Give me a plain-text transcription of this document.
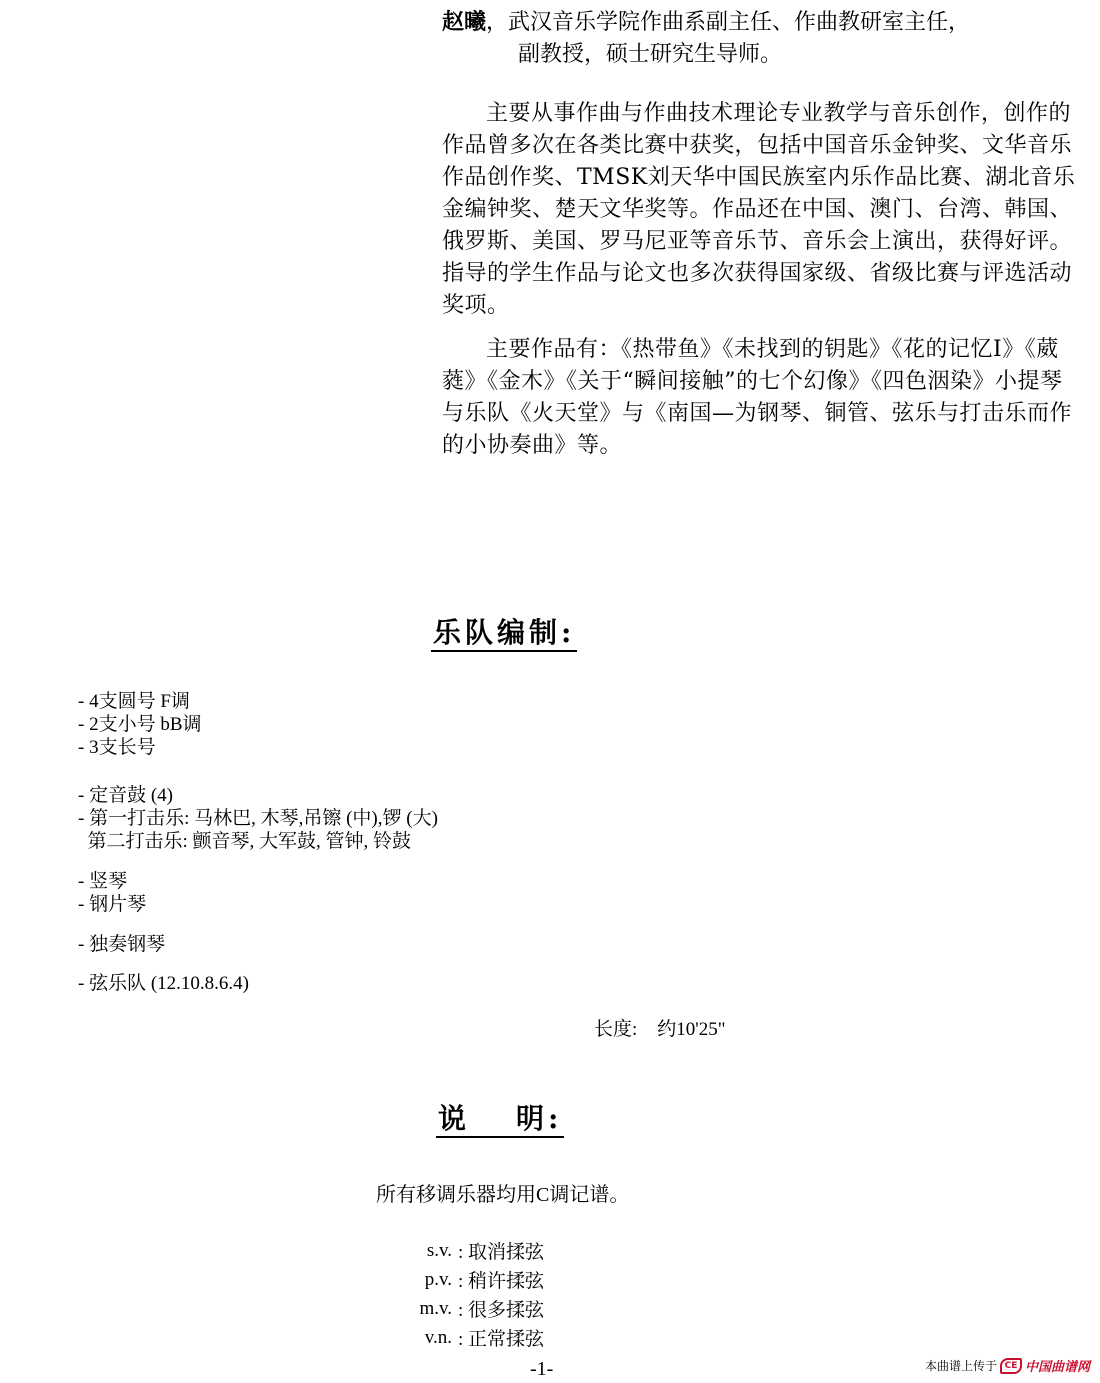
赵曦，武汉音乐学院作曲系副主任、作曲教研室主任，
副教授，硕士研究生导师。

主要从事作曲与作曲技术理论专业教学与音乐创作，创作的作品曾多次在各类比赛中获奖，包括中国音乐金钟奖、文华音乐作品创作奖、TMSK刘天华中国民族室内乐作品比赛、湖北音乐金编钟奖、楚天文华奖等。作品还在中国、澳门、台湾、韩国、俄罗斯、美国、罗马尼亚等音乐节、音乐会上演出，获得好评。指导的学生作品与论文也多次获得国家级、省级比赛与评选活动奖项。

主要作品有：《热带鱼》《未找到的钥匙》《花的记忆Ⅰ》《葳蕤》《金木》《关于“瞬间接触”的七个幻像》《四色洇染》小提琴与乐队《火天堂》与《南国—为钢琴、铜管、弦乐与打击乐而作的小协奏曲》等。

乐队编制:
- 4支圆号 F调
- 2支小号 bB调
- 3支长号
- 定音鼓 (4)
- 第一打击乐: 马林巴, 木琴,吊镲 (中),锣 (大)
第二打击乐: 颤音琴, 大军鼓, 管钟, 铃鼓
- 竖琴
- 钢片琴
- 独奏钢琴
- 弦乐队 (12.10.8.6.4)
长度: 约10'25"
说 明:
所有移调乐器均用C调记谱。
s.v. : 取消揉弦
p.v. : 稍许揉弦
m.v. : 很多揉弦
v.n. : 正常揉弦
-1-	本曲谱上传于 CE 中国曲谱网
